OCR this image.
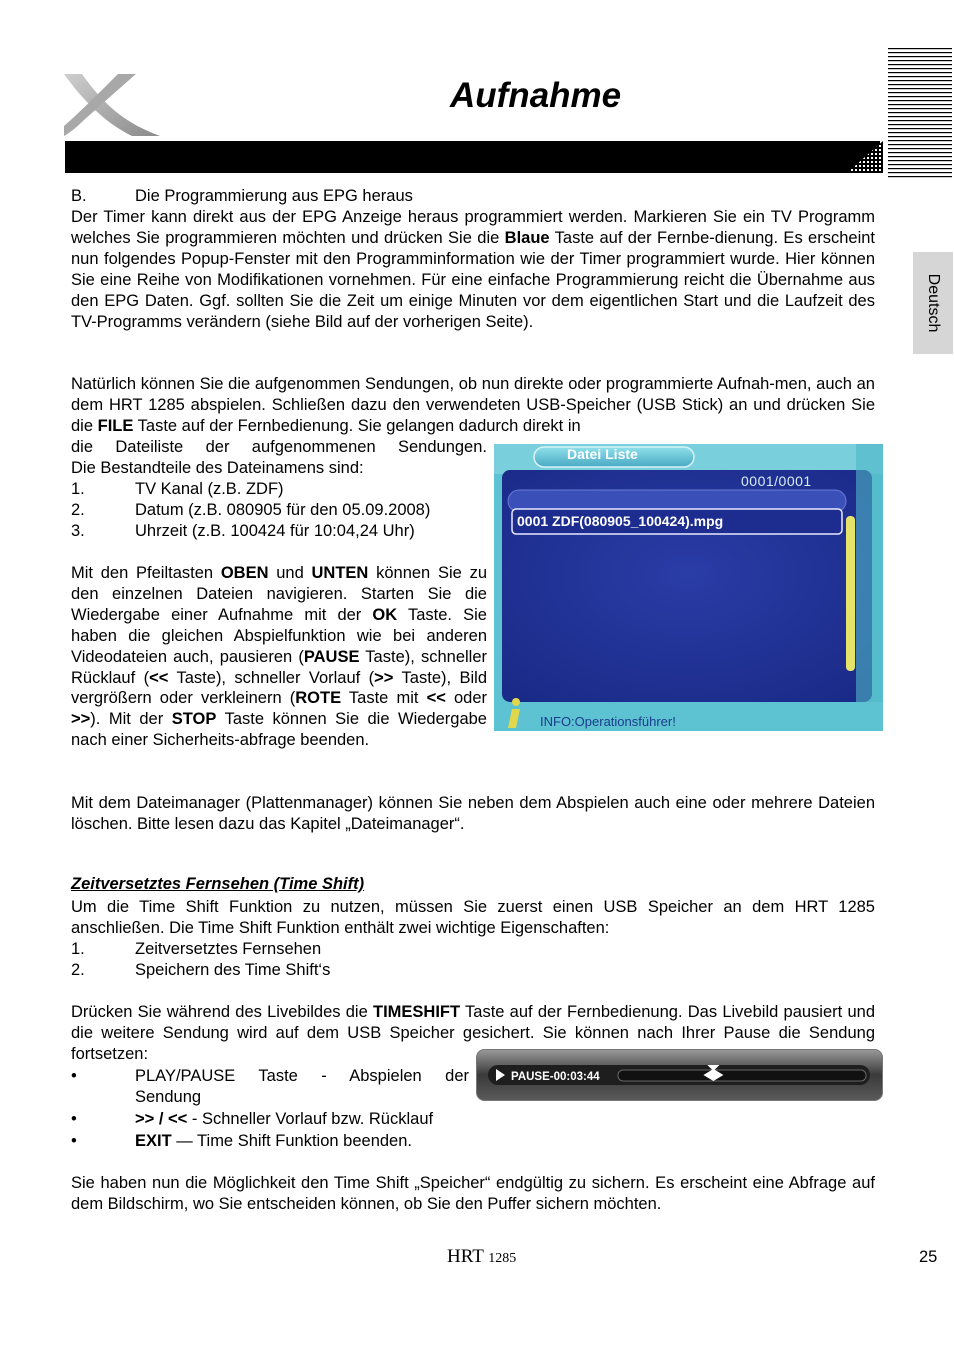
Aufnahme
Deutsch
B.	Die Programmierung aus EPG heraus
Der Timer kann direkt aus der EPG Anzeige heraus programmiert werden. Markieren Sie ein TV Programm welches Sie programmieren möchten und drücken Sie die Blaue Taste auf der Fernbe-dienung. Es erscheint nun folgendes Popup-Fenster mit den Programminformation wie der Timer programmiert wurde. Hier können Sie eine Reihe von Modifikationen vornehmen. Für eine einfache Programmierung reicht die Übernahme aus den EPG Daten. Ggf. sollten Sie die Zeit um einige Minuten vor dem eigentlichen Start und die Laufzeit des TV-Programms verändern (siehe Bild auf der vorherigen Seite).
Natürlich können Sie die aufgenommen Sendungen, ob nun direkte oder programmierte Aufnah-men, auch an dem HRT 1285 abspielen. Schließen dazu den verwendeten USB-Speicher (USB Stick) an und drücken Sie die FILE Taste auf der Fernbedienung. Sie gelangen dadurch direkt in
die Dateiliste der aufgenommenen Sendungen.
Die Bestandteile des Dateinamens sind:
1.	TV Kanal (z.B. ZDF)
2.	Datum (z.B. 080905 für den 05.09.2008)
3.	Uhrzeit (z.B. 100424 für 10:04,24 Uhr)
Mit den Pfeiltasten OBEN und UNTEN können Sie zu den einzelnen Dateien navigieren. Starten Sie die Wiedergabe einer Aufnahme mit der OK Taste. Sie haben die gleichen Abspielfunktion wie bei anderen Videodateien auch, pausieren (PAUSE Taste), schneller Rücklauf (<< Taste), schneller Vorlauf (>> Taste), Bild vergrößern oder verkleinern (ROTE Taste mit << oder >>). Mit der STOP Taste können Sie die Wiedergabe nach einer Sicherheits-abfrage beenden.
Datei Liste
0001/0001
0001 ZDF(080905_100424).mpg
INFO:Operationsführer!
Mit dem Dateimanager (Plattenmanager) können Sie neben dem Abspielen auch eine oder mehrere Dateien löschen. Bitte lesen dazu das Kapitel „Dateimanager“.
Zeitversetztes Fernsehen (Time Shift)
Um die Time Shift Funktion zu nutzen, müssen Sie zuerst einen USB Speicher an dem HRT 1285 anschließen. Die Time Shift Funktion enthält zwei wichtige Eigenschaften:
1.	Zeitversetztes Fernsehen
2.	Speichern des Time Shift‘s
Drücken Sie während des Livebildes die TIMESHIFT Taste auf der Fernbedienung. Das Livebild pausiert und die weitere Sendung wird auf dem USB Speicher gesichert. Sie können nach Ihrer Pause die Sendung fortsetzen:
•	PLAY/PAUSE Taste - Abspielen der
Sendung
•	>> / << - Schneller Vorlauf bzw. Rücklauf
•	EXIT — Time Shift Funktion beenden.
PAUSE-00:03:44
Sie haben nun die Möglichkeit den Time Shift „Speicher“ endgültig zu sichern. Es erscheint eine Abfrage auf dem Bildschirm, wo Sie entscheiden können, ob Sie den Puffer sichern möchten.
HRT 1285	25
